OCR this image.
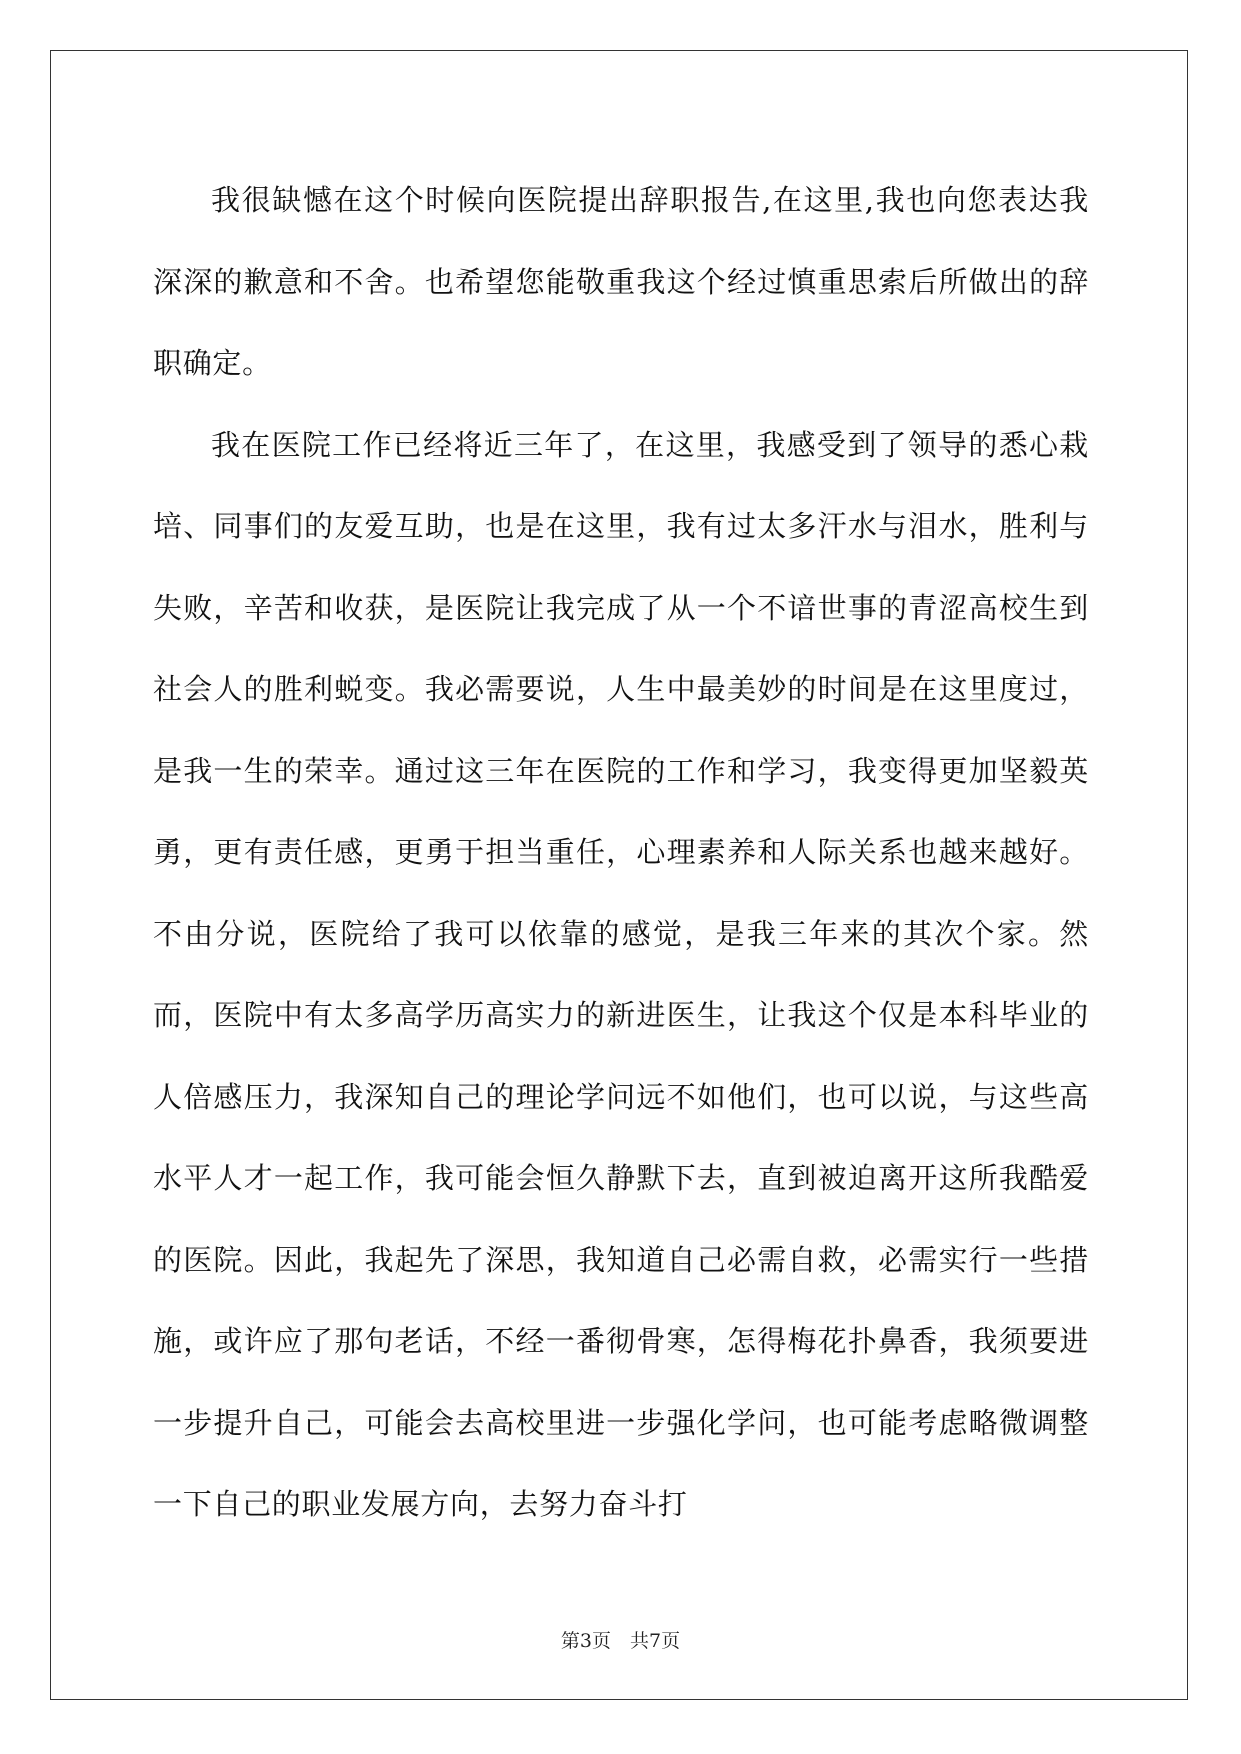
我很缺憾在这个时候向医院提出辞职报告,在这里,我也向您表达我深深的歉意和不舍。也希望您能敬重我这个经过慎重思索后所做出的辞职确定。

我在医院工作已经将近三年了，在这里，我感受到了领导的悉心栽培、同事们的友爱互助，也是在这里，我有过太多汗水与泪水，胜利与失败，辛苦和收获，是医院让我完成了从一个不谙世事的青涩高校生到社会人的胜利蜕变。我必需要说，人生中最美妙的时间是在这里度过，是我一生的荣幸。通过这三年在医院的工作和学习，我变得更加坚毅英勇，更有责任感，更勇于担当重任，心理素养和人际关系也越来越好。不由分说，医院给了我可以依靠的感觉，是我三年来的其次个家。然而，医院中有太多高学历高实力的新进医生，让我这个仅是本科毕业的人倍感压力，我深知自己的理论学问远不如他们，也可以说，与这些高水平人才一起工作，我可能会恒久静默下去，直到被迫离开这所我酷爱的医院。因此，我起先了深思，我知道自己必需自救，必需实行一些措施，或许应了那句老话，不经一番彻骨寒，怎得梅花扑鼻香，我须要进一步提升自己，可能会去高校里进一步强化学问，也可能考虑略微调整一下自己的职业发展方向，去努力奋斗打

第3页　共7页
